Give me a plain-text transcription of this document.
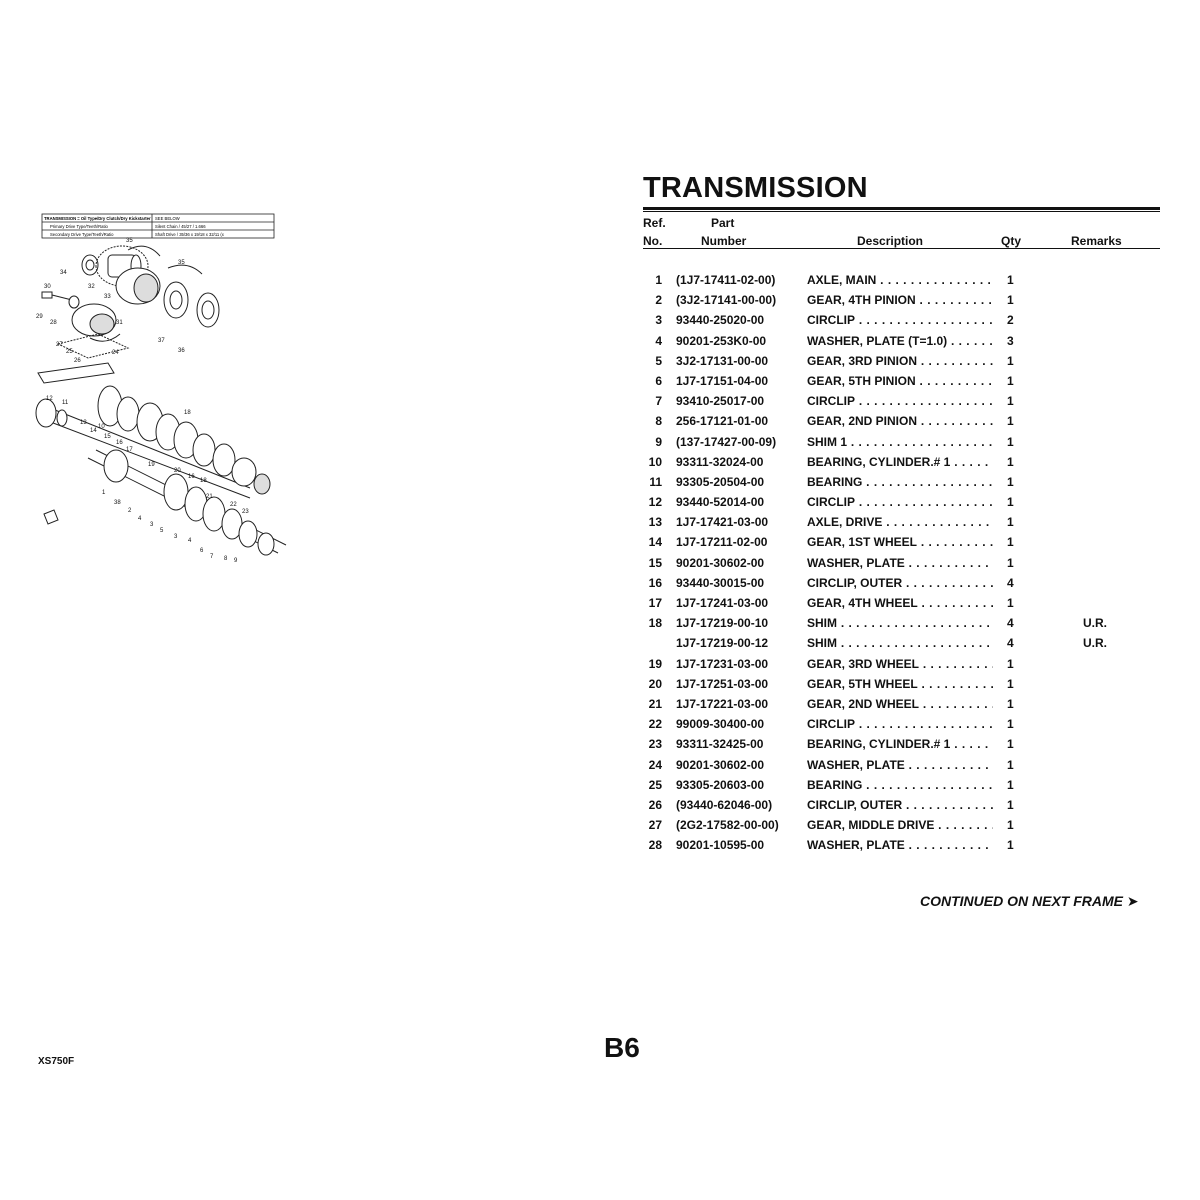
TRANSMISSION = Oil Type/Dry Clutch/Dry Kickstarter SEE BELOW
Primary Drive Type/Teeth/Ratio	Silent Chain / 45/27 / 1.666
Secondary Drive Type/Teeth/Ratio	Shaft Drive / 35/36 x 19/18 x 32/11 (x
34
35
33
32
35
30
29
28	31
37
36
27
25	24
26
12
11
13
18
10
14
15
16
17
19
20
16
18
21
22
23
1
38
2
4
3
5
3
4
6
7 8 9
TRANSMISSION
Ref.
No.
Part
Number	Description	Qty	Remarks
1 (1J7-17411-02-00)	AXLE, MAIN . . .	1
2 (3J2-17141-00-00)	GEAR, 4TH PINION . . .	1
3 93440-25020-00	CIRCLIP . . .	2
4 90201-253K0-00	WASHER, PLATE (T=1.0) . . .	3
5 3J2-17131-00-00	GEAR, 3RD PINION . . .	1
6 1J7-17151-04-00	GEAR, 5TH PINION . . .	1
7 93410-25017-00	CIRCLIP . . .	1
8 256-17121-01-00	GEAR, 2ND PINION . . .	1
9 (137-17427-00-09)	SHIM 1 . . .	1
10 93311-32024-00	BEARING, CYLINDER.# 1 . . .	1
11 93305-20504-00	BEARING . . .	1
12 93440-52014-00	CIRCLIP . . .	1
13 1J7-17421-03-00	AXLE, DRIVE . . .	1
14 1J7-17211-02-00	GEAR, 1ST WHEEL . . .	1
15 90201-30602-00	WASHER, PLATE . . .	1
16 93440-30015-00	CIRCLIP, OUTER . . .	4
17 1J7-17241-03-00	GEAR, 4TH WHEEL . . .	1
18 1J7-17219-00-10	SHIM . . .	4	U.R.
1J7-17219-00-12	SHIM . . .	4	U.R.
19 1J7-17231-03-00	GEAR, 3RD WHEEL . . .	1
20 1J7-17251-03-00	GEAR, 5TH WHEEL . . .	1
21 1J7-17221-03-00	GEAR, 2ND WHEEL . . .	1
22 99009-30400-00	CIRCLIP . . .	1
23 93311-32425-00	BEARING, CYLINDER.# 1 . . .	1
24 90201-30602-00	WASHER, PLATE . . .	1
25 93305-20603-00	BEARING . . .	1
26 (93440-62046-00)	CIRCLIP, OUTER . . .	1
27 (2G2-17582-00-00) GEAR, MIDDLE DRIVE . . .	1
28 90201-10595-00	WASHER, PLATE . . .	1
CONTINUED ON NEXT FRAME ➤
B6
XS750F
